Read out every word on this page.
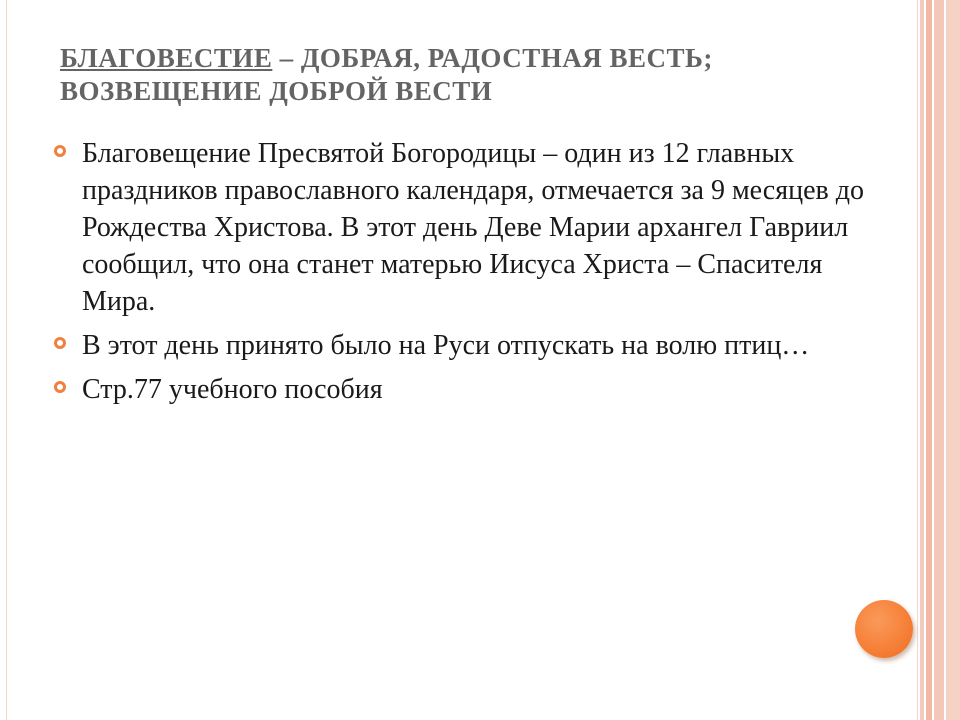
БЛАГОВЕСТИЕ – ДОБРАЯ, РАДОСТНАЯ ВЕСТЬ; ВОЗВЕЩЕНИЕ ДОБРОЙ ВЕСТИ
Благовещение Пресвятой Богородицы – один из 12 главных праздников православного календаря, отмечается за 9 месяцев до Рождества Христова. В этот день Деве Марии архангел Гавриил сообщил, что она станет матерью Иисуса Христа – Спасителя Мира.
В этот день принято было на Руси отпускать на волю птиц…
Стр.77 учебного пособия
